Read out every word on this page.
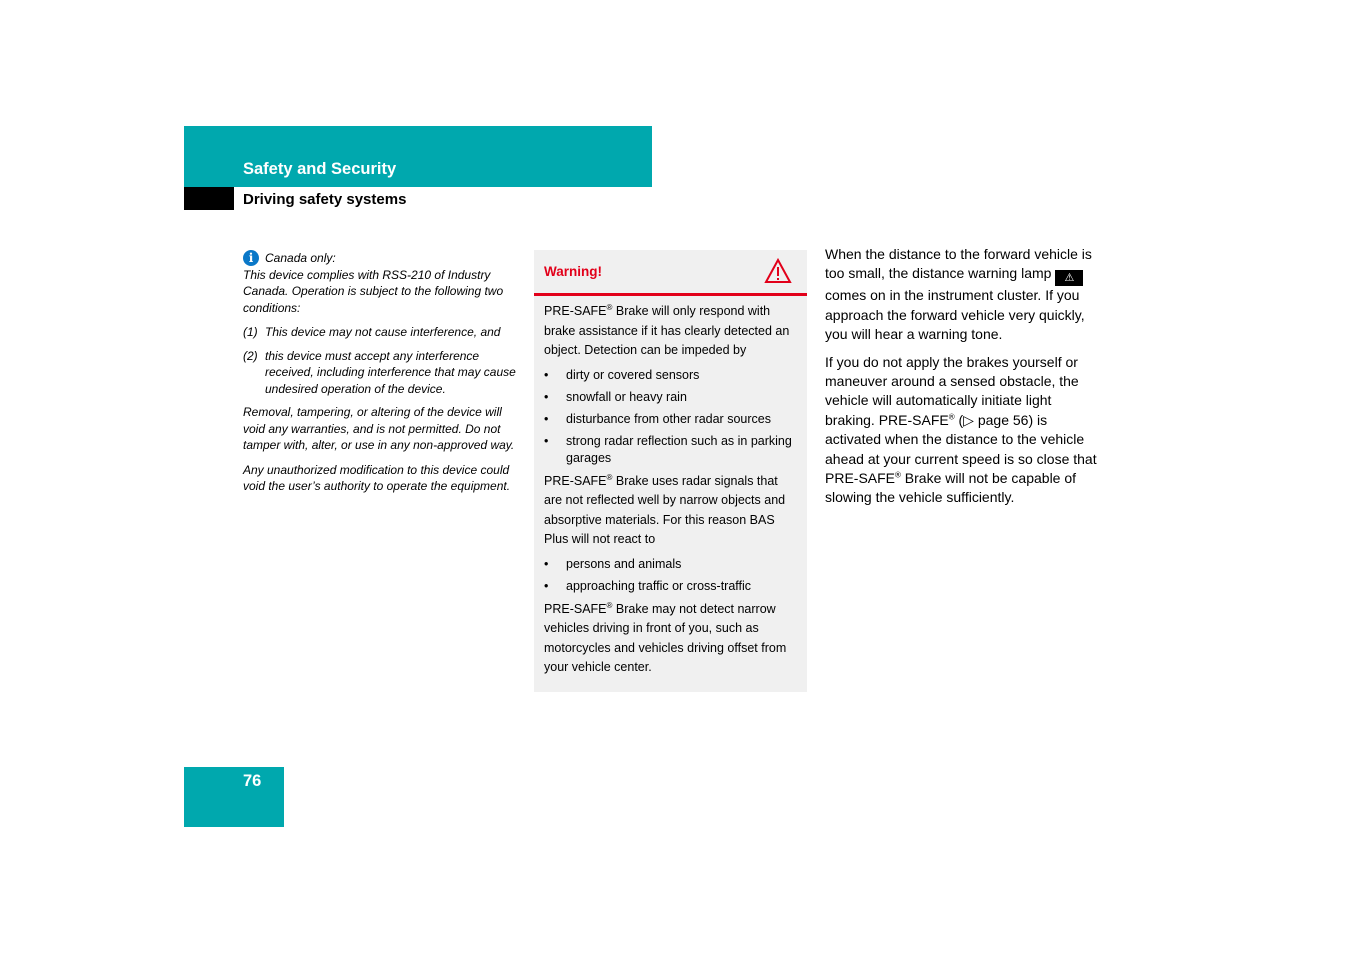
Safety and Security
Driving safety systems
i Canada only:

This device complies with RSS-210 of Industry Canada. Operation is subject to the following two conditions:

(1) This device may not cause interference, and
(2) this device must accept any interference received, including interference that may cause undesired operation of the device.

Removal, tampering, or altering of the device will void any warranties, and is not permitted. Do not tamper with, alter, or use in any non-approved way.

Any unauthorized modification to this device could void the user’s authority to operate the equipment.

Warning!

PRE-SAFE® Brake will only respond with brake assistance if it has clearly detected an object. Detection can be impeded by

•	dirty or covered sensors
•	snowfall or heavy rain
•	disturbance from other radar sources
•	strong radar reflection such as in parking garages

PRE-SAFE® Brake uses radar signals that are not reflected well by narrow objects and absorptive materials. For this reason BAS Plus will not react to

•	persons and animals
•	approaching traffic or cross-traffic

PRE-SAFE® Brake may not detect narrow vehicles driving in front of you, such as motorcycles and vehicles driving offset from your vehicle center.

When the distance to the forward vehicle is too small, the distance warning lamp ⚠ comes on in the instrument cluster. If you approach the forward vehicle very quickly, you will hear a warning tone.

If you do not apply the brakes yourself or maneuver around a sensed obstacle, the vehicle will automatically initiate light braking. PRE-SAFE® (▷ page 56) is activated when the distance to the vehicle ahead at your current speed is so close that PRE-SAFE® Brake will not be capable of slowing the vehicle sufficiently.

76
